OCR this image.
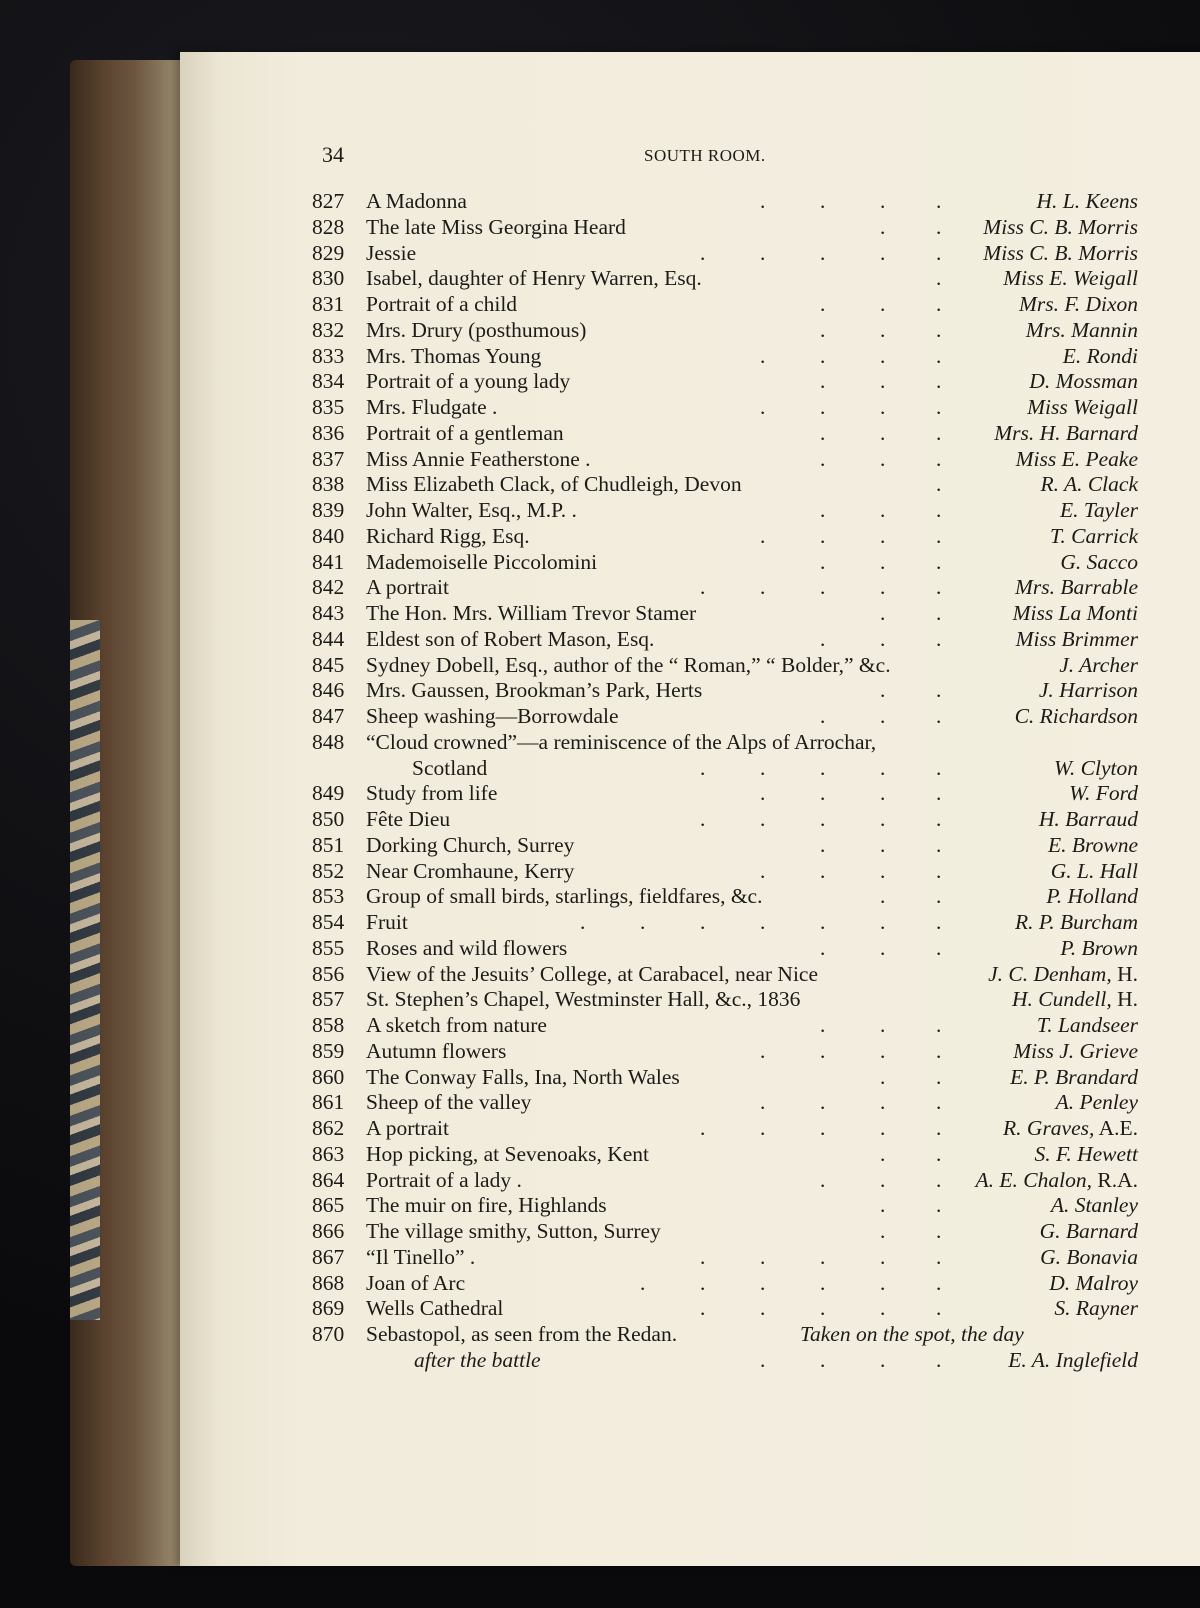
34	SOUTH ROOM.
827	A Madonna	.	.	. .	H. L. Keens
828	The late Miss Georgina Heard	. . Miss C. B. Morris
829	Jessie	.	.	.	. . Miss C. B. Morris
830	Isabel, daughter of Henry Warren, Esq.	.	Miss E. Weigall
831	Portrait of a child	.	. .	Mrs. F. Dixon
832	Mrs. Drury (posthumous)	.	. .	Mrs. Mannin
833	Mrs. Thomas Young	.	.	. .	E. Rondi
834	Portrait of a young lady	.	. .	D. Mossman
835	Mrs. Fludgate .	.	.	. .	Miss Weigall
836	Portrait of a gentleman	.	. . Mrs. H. Barnard
837	Miss Annie Featherstone .	.	. .	Miss E. Peake
838	Miss Elizabeth Clack, of Chudleigh, Devon	.	R. A. Clack
839	John Walter, Esq., M.P. .	.	. .	E. Tayler
840	Richard Rigg, Esq.	.	.	. .	T. Carrick
841	Mademoiselle Piccolomini	.	. .	G. Sacco
842	A portrait	.	.	.	. .	Mrs. Barrable
843	The Hon. Mrs. William Trevor Stamer	. .	Miss La Monti
844	Eldest son of Robert Mason, Esq.	.	. .	Miss Brimmer
845	Sydney Dobell, Esq., author of the “ Roman,” “ Bolder,” &c.	J. Archer
846	Mrs. Gaussen, Brookman’s Park, Herts	. .	J. Harrison
847	Sheep washing—Borrowdale	.	. .	C. Richardson
848	“Cloud crowned”—a reminiscence of the Alps of Arrochar,
Scotland	.	.	.	. .	W. Clyton
849	Study from life	.	.	. .	W. Ford
850	Fête Dieu	.	.	.	. .	H. Barraud
851	Dorking Church, Surrey	.	. .	E. Browne
852	Near Cromhaune, Kerry	.	.	. .	G. L. Hall
853	Group of small birds, starlings, fieldfares, &c.	. .	P. Holland
854	Fruit	.	.	.	.	.	. .	R. P. Burcham
855	Roses and wild flowers	.	. .	P. Brown
856	View of the Jesuits’ College, at Carabacel, near Nice	J. C. Denham, H.
857	St. Stephen’s Chapel, Westminster Hall, &c., 1836	H. Cundell, H.
858	A sketch from nature	.	. .	T. Landseer
859	Autumn flowers	.	.	. .	Miss J. Grieve
860	The Conway Falls, Ina, North Wales	. .	E. P. Brandard
861	Sheep of the valley	.	.	. .	A. Penley
862	A portrait	.	.	.	. .	R. Graves, A.E.
863	Hop picking, at Sevenoaks, Kent	. .	S. F. Hewett
864	Portrait of a lady .	.	. . A. E. Chalon, R.A.
865	The muir on fire, Highlands	. .	A. Stanley
866	The village smithy, Sutton, Surrey	. .	G. Barnard
867	“Il Tinello” .	.	.	.	. .	G. Bonavia
868	Joan of Arc	.	.	.	.	. .	D. Malroy
869	Wells Cathedral	.	.	.	. .	S. Rayner
870	Sebastopol, as seen from the Redan.	Taken on the spot, the day
after the battle	.	.	. .	E. A. Inglefield
